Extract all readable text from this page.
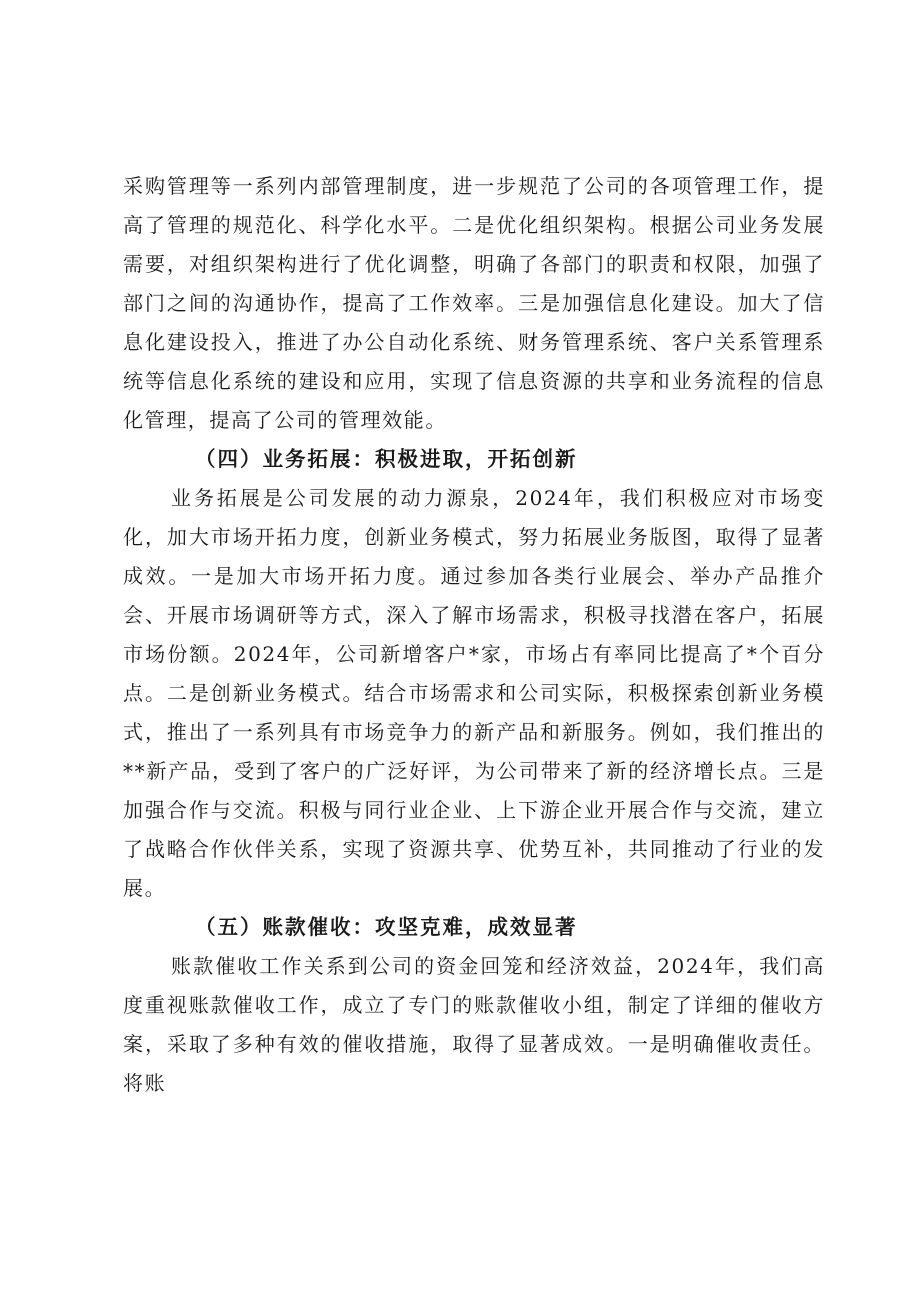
采购管理等一系列内部管理制度，进一步规范了公司的各项管理工作，提高了管理的规范化、科学化水平。二是优化组织架构。根据公司业务发展需要，对组织架构进行了优化调整，明确了各部门的职责和权限，加强了部门之间的沟通协作，提高了工作效率。三是加强信息化建设。加大了信息化建设投入，推进了办公自动化系统、财务管理系统、客户关系管理系统等信息化系统的建设和应用，实现了信息资源的共享和业务流程的信息化管理，提高了公司的管理效能。

（四）业务拓展：积极进取，开拓创新

业务拓展是公司发展的动力源泉，2024年，我们积极应对市场变化，加大市场开拓力度，创新业务模式，努力拓展业务版图，取得了显著成效。一是加大市场开拓力度。通过参加各类行业展会、举办产品推介会、开展市场调研等方式，深入了解市场需求，积极寻找潜在客户，拓展市场份额。2024年，公司新增客户*家，市场占有率同比提高了*个百分点。二是创新业务模式。结合市场需求和公司实际，积极探索创新业务模式，推出了一系列具有市场竞争力的新产品和新服务。例如，我们推出的**新产品，受到了客户的广泛好评，为公司带来了新的经济增长点。三是加强合作与交流。积极与同行业企业、上下游企业开展合作与交流，建立了战略合作伙伴关系，实现了资源共享、优势互补，共同推动了行业的发展。

（五）账款催收：攻坚克难，成效显著

账款催收工作关系到公司的资金回笼和经济效益，2024年，我们高度重视账款催收工作，成立了专门的账款催收小组，制定了详细的催收方案，采取了多种有效的催收措施，取得了显著成效。一是明确催收责任。将账
